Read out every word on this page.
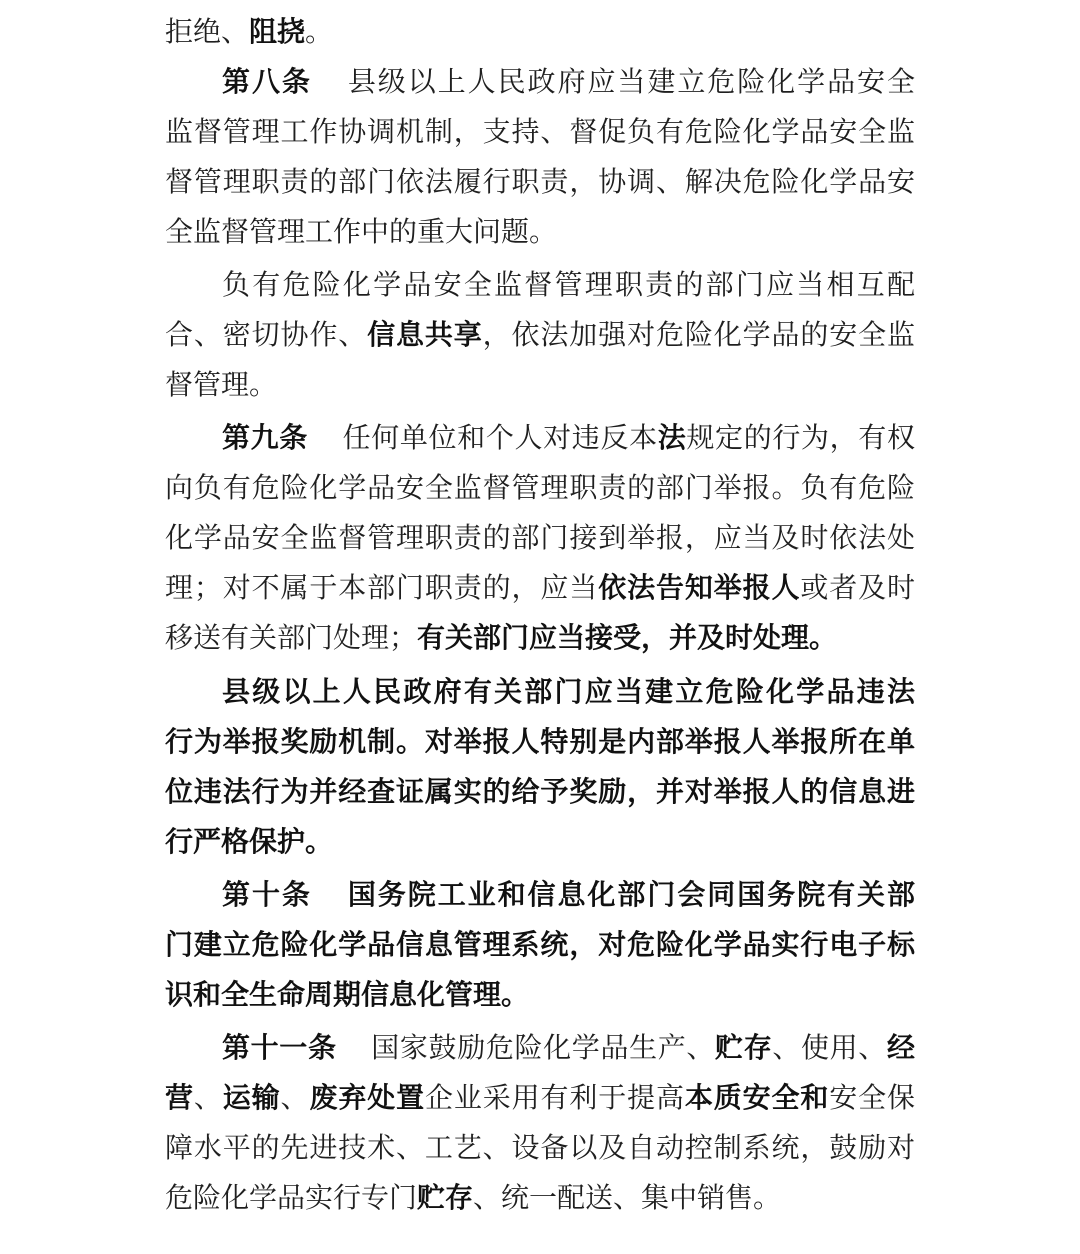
拒绝、阻挠。
第八条 县级以上人民政府应当建立危险化学品安全
监督管理工作协调机制，支持、督促负有危险化学品安全监
督管理职责的部门依法履行职责，协调、解决危险化学品安
全监督管理工作中的重大问题。
负有危险化学品安全监督管理职责的部门应当相互配
合、密切协作、信息共享，依法加强对危险化学品的安全监
督管理。
第九条 任何单位和个人对违反本法规定的行为，有权
向负有危险化学品安全监督管理职责的部门举报。负有危险
化学品安全监督管理职责的部门接到举报，应当及时依法处
理；对不属于本部门职责的，应当依法告知举报人或者及时
移送有关部门处理；有关部门应当接受，并及时处理。
县级以上人民政府有关部门应当建立危险化学品违法
行为举报奖励机制。对举报人特别是内部举报人举报所在单
位违法行为并经查证属实的给予奖励，并对举报人的信息进
行严格保护。
第十条 国务院工业和信息化部门会同国务院有关部
门建立危险化学品信息管理系统，对危险化学品实行电子标
识和全生命周期信息化管理。
第十一条 国家鼓励危险化学品生产、贮存、使用、经
营、运输、废弃处置企业采用有利于提高本质安全和安全保
障水平的先进技术、工艺、设备以及自动控制系统，鼓励对
危险化学品实行专门贮存、统一配送、集中销售。
